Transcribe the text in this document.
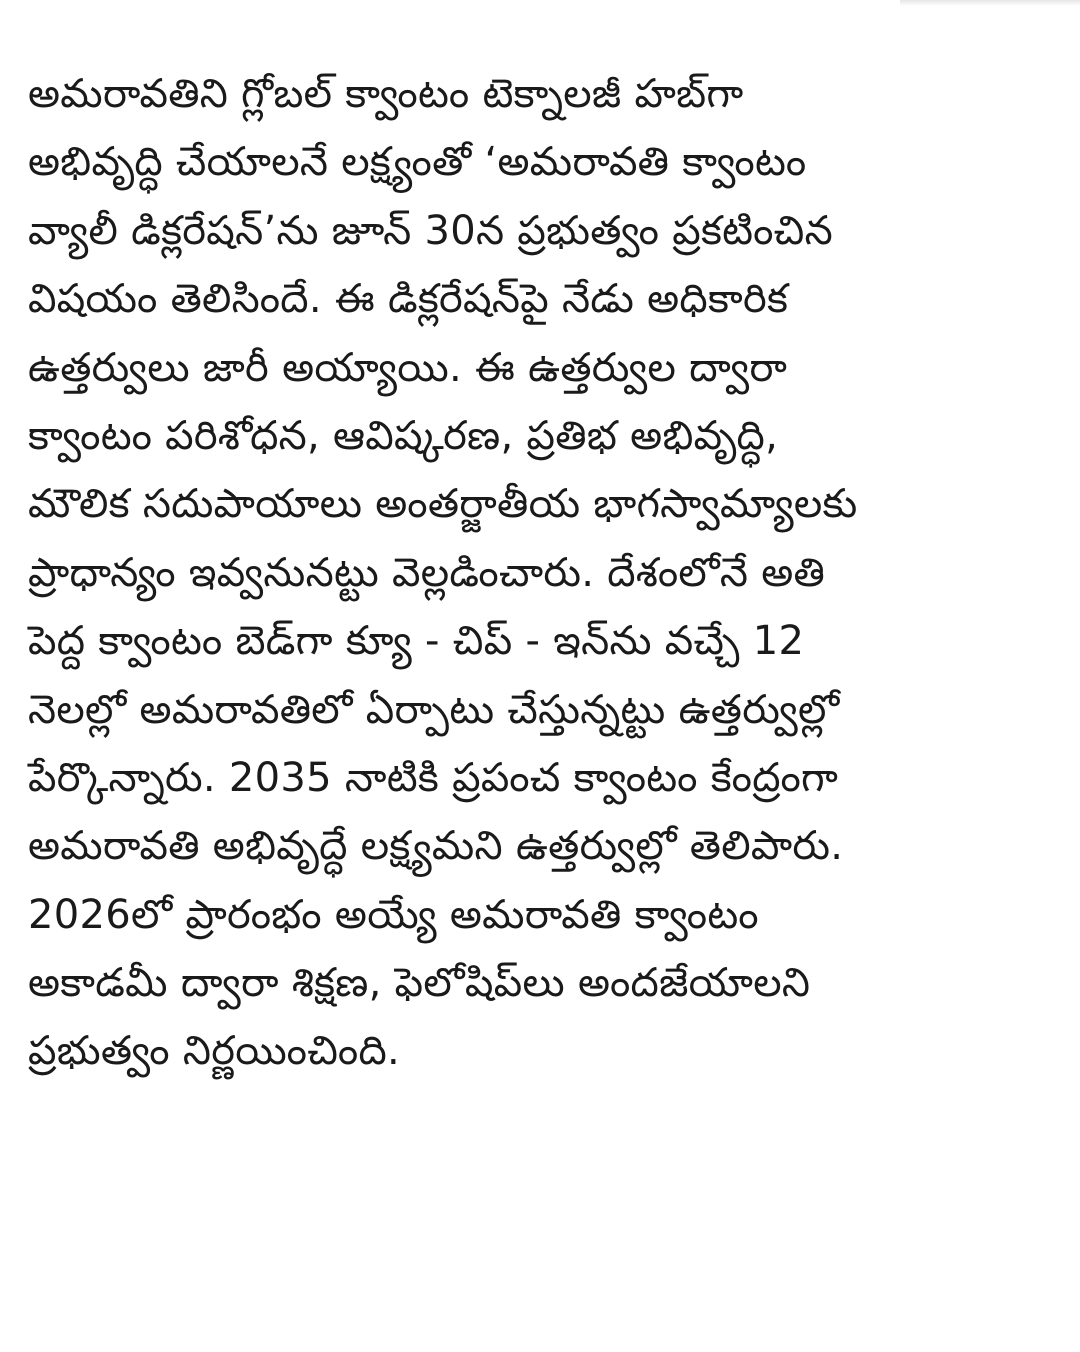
అమరావతిని గ్లోబల్ క్వాంటం టెక్నాలజీ హబ్‌గా
అభివృద్ధి చేయాలనే లక్ష్యంతో ‘అమరావతి క్వాంటం
వ్యాలీ డిక్లరేషన్’ను జూన్ 30న ప్రభుత్వం ప్రకటించిన
విషయం తెలిసిందే. ఈ డిక్లరేషన్‌పై నేడు అధికారిక
ఉత్తర్వులు జారీ అయ్యాయి. ఈ ఉత్తర్వుల ద్వారా
క్వాంటం పరిశోధన, ఆవిష్కరణ, ప్రతిభ అభివృద్ధి,
మౌలిక సదుపాయాలు అంతర్జాతీయ భాగస్వామ్యాలకు
ప్రాధాన్యం ఇవ్వనునట్టు వెల్లడించారు. దేశంలోనే అతి
పెద్ద క్వాంటం బెడ్‌గా క్యూ - చిప్ - ఇన్‌ను వచ్చే 12
నెలల్లో అమరావతిలో ఏర్పాటు చేస్తున్నట్టు ఉత్తర్వుల్లో
పేర్కొన్నారు. 2035 నాటికి ప్రపంచ క్వాంటం కేంద్రంగా
అమరావతి అభివృద్ధే లక్ష్యమని ఉత్తర్వుల్లో తెలిపారు.
2026లో ప్రారంభం అయ్యే అమరావతి క్వాంటం
అకాడమీ ద్వారా శిక్షణ, ఫెలోషిప్‌లు అందజేయాలని
ప్రభుత్వం నిర్ణయించింది.
